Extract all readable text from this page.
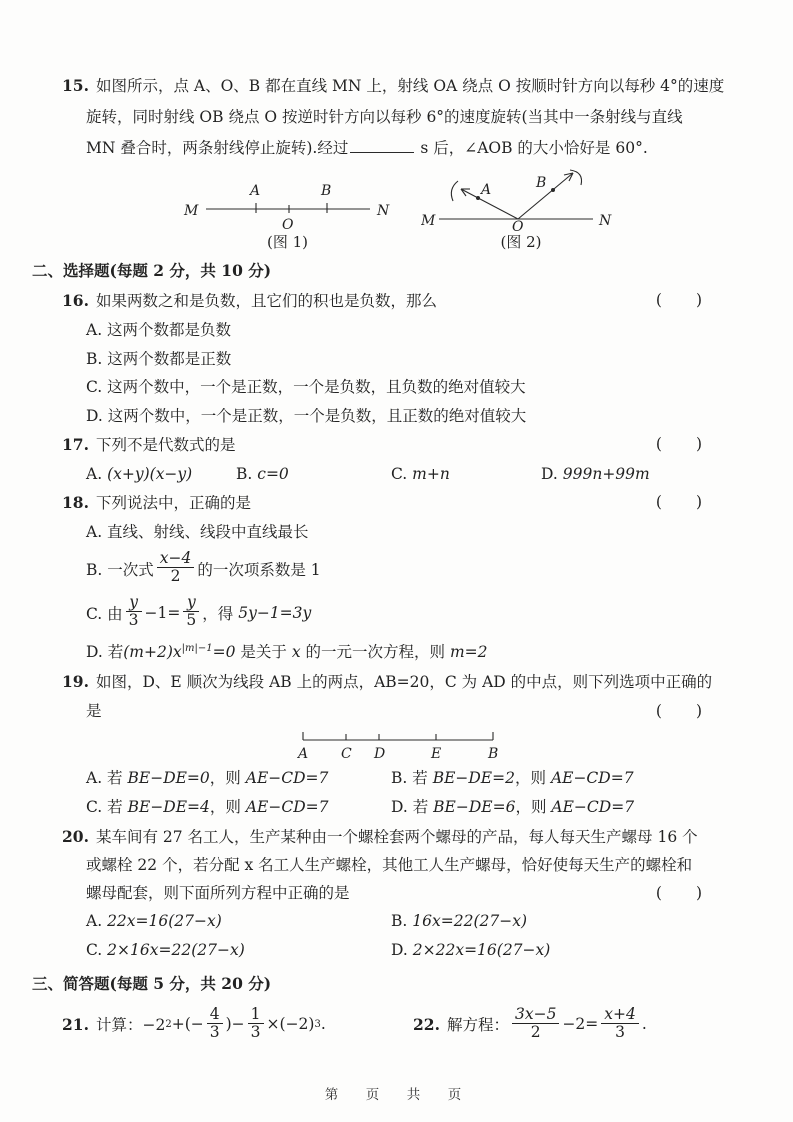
15. 如图所示，点 A、O、B 都在直线 MN 上，射线 OA 绕点 O 按顺时针方向以每秒 4°的速度
旋转，同时射线 OB 绕点 O 按逆时针方向以每秒 6°的速度旋转(当其中一条射线与直线
MN 叠合时，两条射线停止旋转).经过	s 后，∠AOB 的大小恰好是 60°.
M
A	B
O
N
(图 1)
M
A	B
O	N
(图 2)
二、选择题(每题 2 分，共 10 分)
16. 如果两数之和是负数，且它们的积也是负数，那么	(　　)
A. 这两个数都是负数
B. 这两个数都是正数
C. 这两个数中，一个是正数，一个是负数，且负数的绝对值较大
D. 这两个数中，一个是正数，一个是负数，且正数的绝对值较大
17. 下列不是代数式的是	(　　)
A. (x+y)(x−y)	B. c=0	C. m+n	D. 999n+99m
18. 下列说法中，正确的是	(　　)
A. 直线、射线、线段中直线最长
B. 一次式 $\frac{x-4}{2}$ 的一次项系数是 1
C. 由 $\frac{y}{3} -1= \frac{y}{5}$ ，得
5y−1=3y
D. 若$(m+2)x^{|m|-1}=0$ 是关于 x 的一元一次方程，则 m=2
19. 如图，D、E 顺次为线段 AB 上的两点，AB=20，C 为 AD 的中点，则下列选项中正确的
是	(　　)
A C D	E	B
A. 若 BE−DE=0，则 AE−CD=7	B. 若 BE−DE=2，则 AE−CD=7
C. 若 BE−DE=4，则 AE−CD=7	D. 若 BE−DE=6，则 AE−CD=7
20. 某车间有 27 名工人，生产某种由一个螺栓套两个螺母的产品，每人每天生产螺母 16 个
或螺栓 22 个，若分配 x 名工人生产螺栓，其他工人生产螺母，恰好使每天生产的螺栓和
螺母配套，则下面所列方程中正确的是	(　　)
A. 22x=16(27−x)	B. 16x=22(27−x)
C. 2×16x=22(27−x)	D. 2×22x=16(27−x)
三、简答题(每题 5 分，共 20 分)
21. 计算：−2 2 +(− $\frac{4}{3}$ )− $\frac{1}{3} \times(-2)$ 3 .	22. 解方程： $\frac{3x-5}{2} -2= \frac{x+4}{3}$ .
第　页　共　页
